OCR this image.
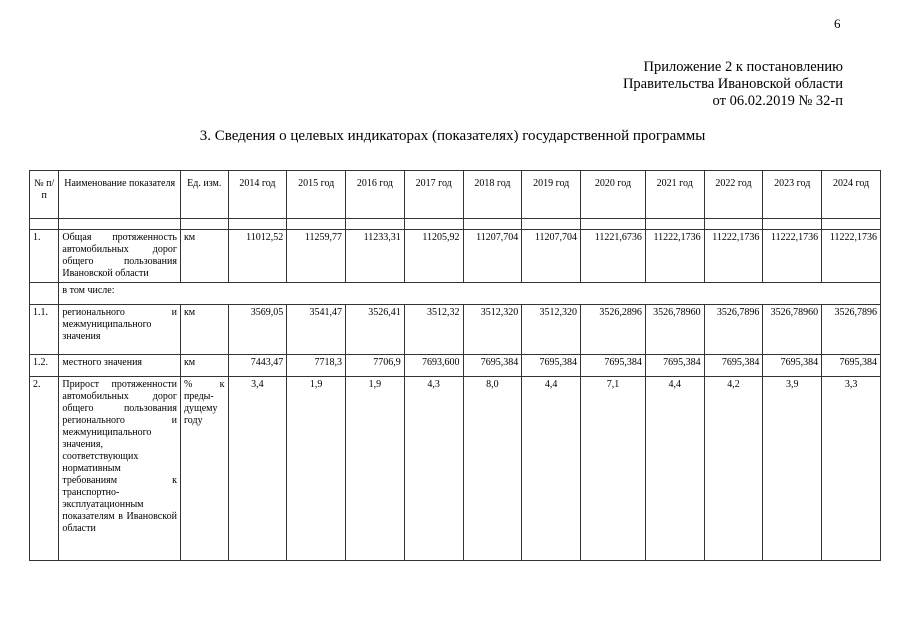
6
Приложение 2 к постановлению
Правительства Ивановской области
от 06.02.2019 № 32-п
3. Сведения о целевых индикаторах (показателях) государственной программы
№ п/п	Наименование показателя	Ед. изм.	2014 год	2015 год	2016 год	2017 год	2018 год	2019 год	2020 год	2021 год	2022 год	2023 год	2024 год

1.	Общая протяженность автомобильных дорог общего пользования Ивановской области	км	11012,52	11259,77	11233,31	11205,92	11207,704	11207,704	11221,6736	11222,1736	11222,1736	11222,1736	11222,1736
	в том числе:												
1.1.	регионального и межмуниципального значения	км	3569,05	3541,47	3526,41	3512,32	3512,320	3512,320	3526,2896	3526,78960	3526,7896	3526,78960	3526,7896
1.2.	местного значения	км	7443,47	7718,3	7706,9	7693,600	7695,384	7695,384	7695,384	7695,384	7695,384	7695,384	7695,384
2.	Прирост протяженности автомобильных дорог общего пользования регионального и межмуниципального значения, соответствующих нормативным требованиям к транспортно-эксплуатационным показателям в Ивановской области	% к преды-дущему году	3,4	1,9	1,9	4,3	8,0	4,4	7,1	4,4	4,2	3,9	3,3
